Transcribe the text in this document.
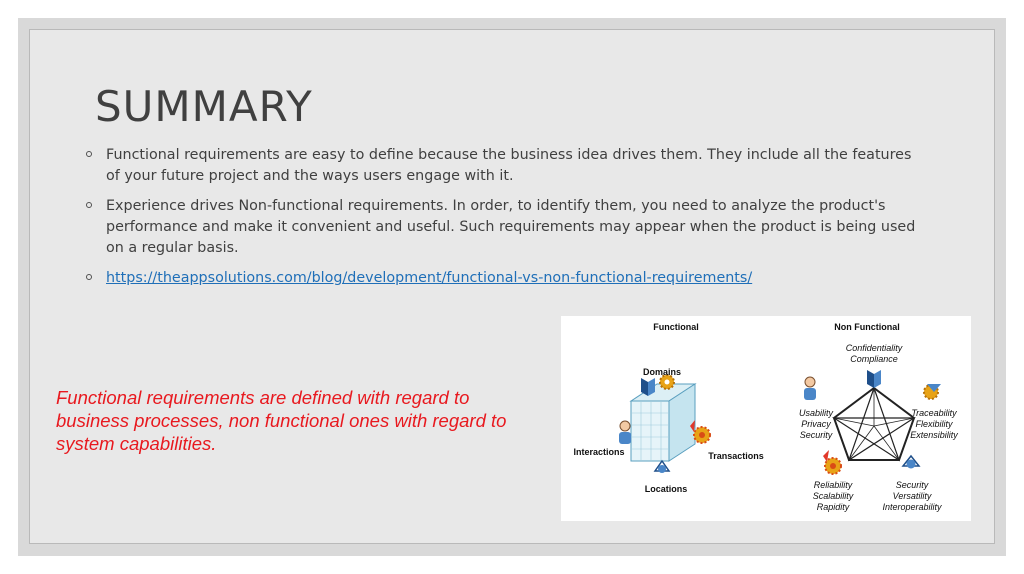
SUMMARY
Functional requirements are easy to define because the business idea drives them. They include all the features of your future project and the ways users engage with it.
Experience drives Non-functional requirements. In order, to identify them, you need to analyze the product's performance and make it convenient and useful. Such requirements may appear when the product is being used on a regular basis.
https://theappsolutions.com/blog/development/functional-vs-non-functional-requirements/

Functional requirements are defined with regard to business processes, non functional ones with regard to system capabilities.

Functional
Domains
Interactions	Transactions
Locations
Non Functional
Confidentiality
Compliance
Usability
Privacy
Security
Traceability
Flexibility
Extensibility
Reliability
Scalability
Rapidity
Security
Versatility
Interoperability
